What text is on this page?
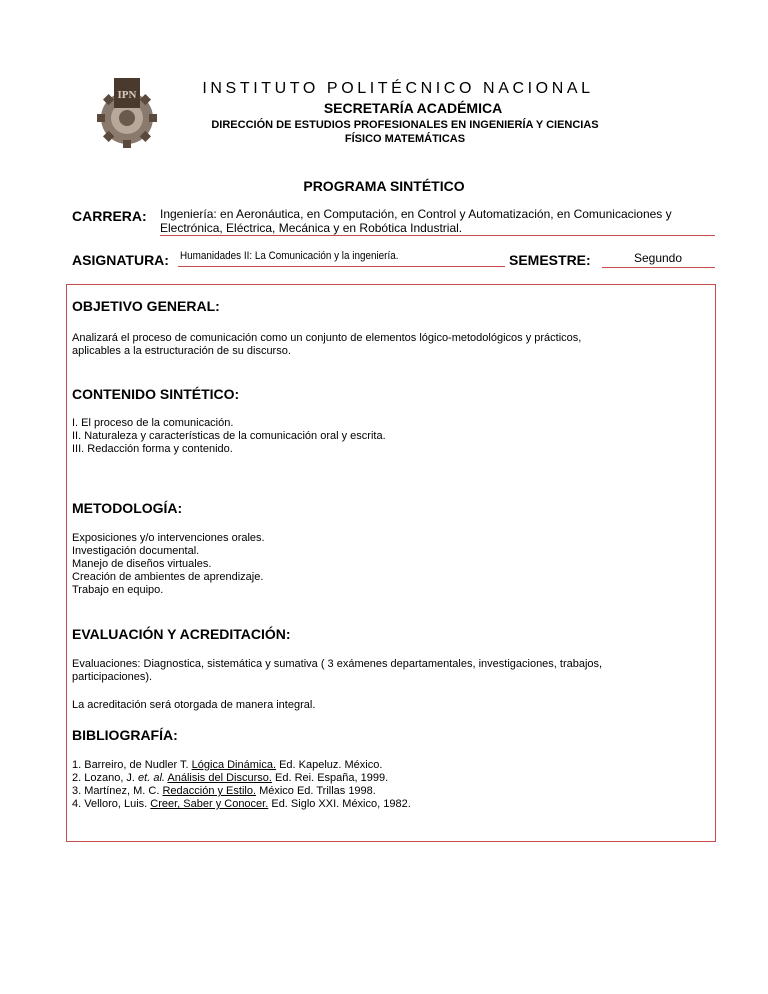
IPN	INSTITUTO POLITÉCNICO NACIONAL
SECRETARÍA ACADÉMICA
DIRECCIÓN DE ESTUDIOS PROFESIONALES EN INGENIERÍA Y CIENCIAS
FÍSICO MATEMÁTICAS
PROGRAMA SINTÉTICO
CARRERA: Ingeniería: en Aeronáutica, en Computación, en Control y Automatización, en Comunicaciones y
Electrónica, Eléctrica, Mecánica y en Robótica Industrial.
ASIGNATURA: Humanidades II: La Comunicación y la ingeniería.	SEMESTRE:	Segundo
OBJETIVO GENERAL:
Analizará el proceso de comunicación como un conjunto de elementos lógico-metodológicos y prácticos,
aplicables a la estructuración de su discurso.
CONTENIDO SINTÉTICO:
I. El proceso de la comunicación.
II. Naturaleza y características de la comunicación oral y escrita.
III. Redacción forma y contenido.
METODOLOGÍA:
Exposiciones y/o intervenciones orales.
Investigación documental.
Manejo de diseños virtuales.
Creación de ambientes de aprendizaje.
Trabajo en equipo.
EVALUACIÓN Y ACREDITACIÓN:
Evaluaciones: Diagnostica, sistemática y sumativa ( 3 exámenes departamentales, investigaciones, trabajos,
participaciones).
La acreditación será otorgada de manera integral.
BIBLIOGRAFÍA:
1. Barreiro, de Nudler T. Lógica Dinámica. Ed. Kapeluz. México.
2. Lozano, J. et. al. Análisis del Discurso. Ed. Rei. España, 1999.
3. Martínez, M. C. Redacción y Estilo. México Ed. Trillas 1998.
4. Velloro, Luis. Creer, Saber y Conocer. Ed. Siglo XXI. México, 1982.
